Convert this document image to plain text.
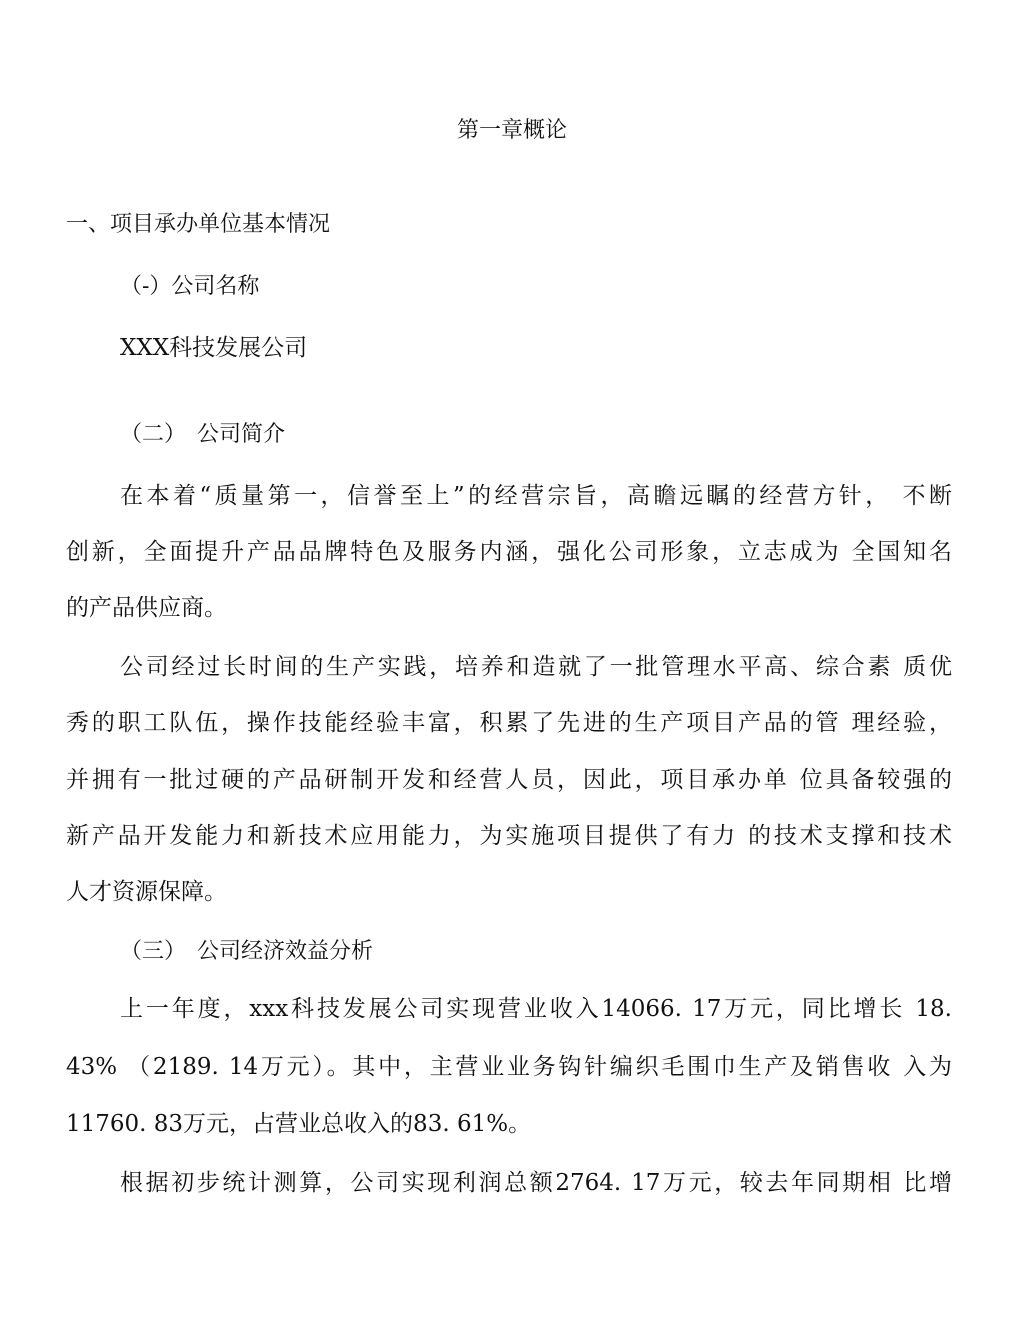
第一章概论
一、项目承办单位基本情况
（-）公司名称
XXX科技发展公司
（二）　公司简介
在本着“质量第一，信誉至上”的经营宗旨，高瞻远瞩的经营方针， 不断
创新，全面提升产品品牌特色及服务内涵，强化公司形象，立志成为 全国知名
的产品供应商。
公司经过长时间的生产实践，培养和造就了一批管理水平高、综合素 质优
秀的职工队伍，操作技能经验丰富，积累了先进的生产项目产品的管 理经验，
并拥有一批过硬的产品研制开发和经营人员，因此，项目承办单 位具备较强的
新产品开发能力和新技术应用能力，为实施项目提供了有力 的技术支撑和技术
人才资源保障。
（三）　公司经济效益分析
上一年度，xxx科技发展公司实现营业收入14066. 17万元，同比增长 18.
43% （2189. 14万元）。其中，主营业业务钩针编织毛围巾生产及销售收 入为
11760. 83万元，占营业总收入的83. 61%。
根据初步统计测算，公司实现利润总额2764. 17万元，较去年同期相 比增
